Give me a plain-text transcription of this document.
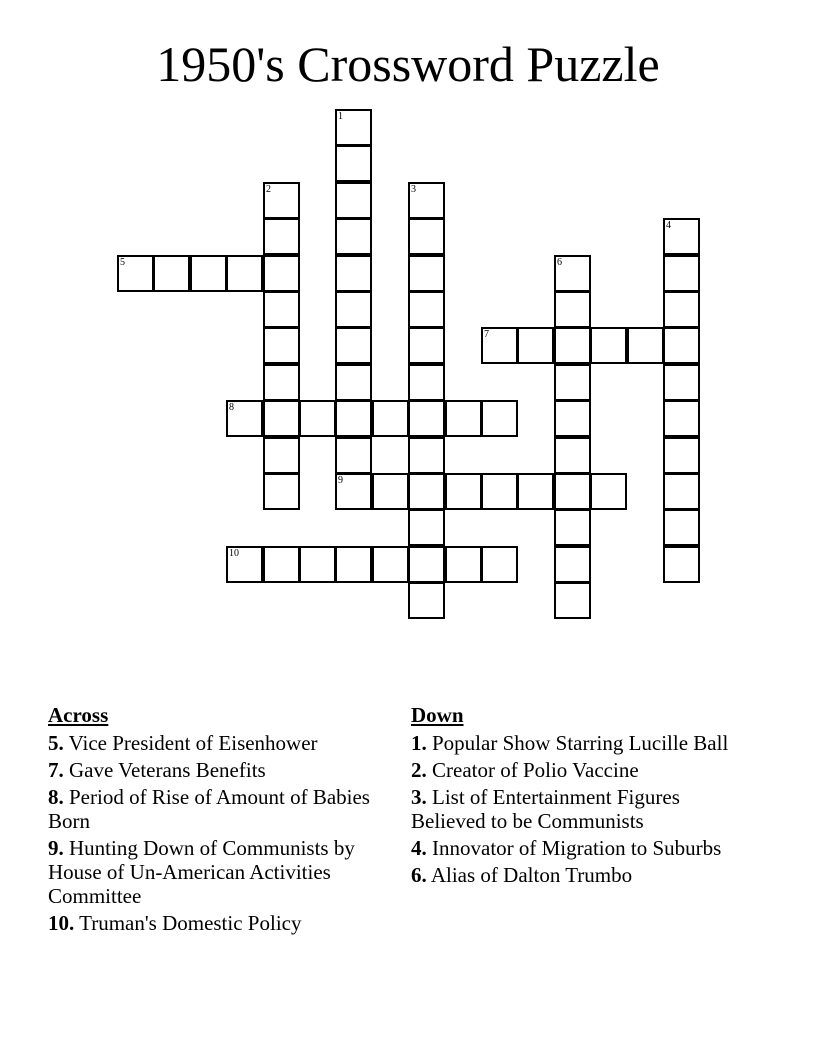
1950's Crossword Puzzle
1
2	3
4
5	6
7
8
9
10
Across
5. Vice President of Eisenhower
7. Gave Veterans Benefits
8. Period of Rise of Amount of Babies Born
9. Hunting Down of Communists by House of Un-American Activities Committee
10. Truman's Domestic Policy
Down
1. Popular Show Starring Lucille Ball
2. Creator of Polio Vaccine
3. List of Entertainment Figures Believed to be Communists
4. Innovator of Migration to Suburbs
6. Alias of Dalton Trumbo
